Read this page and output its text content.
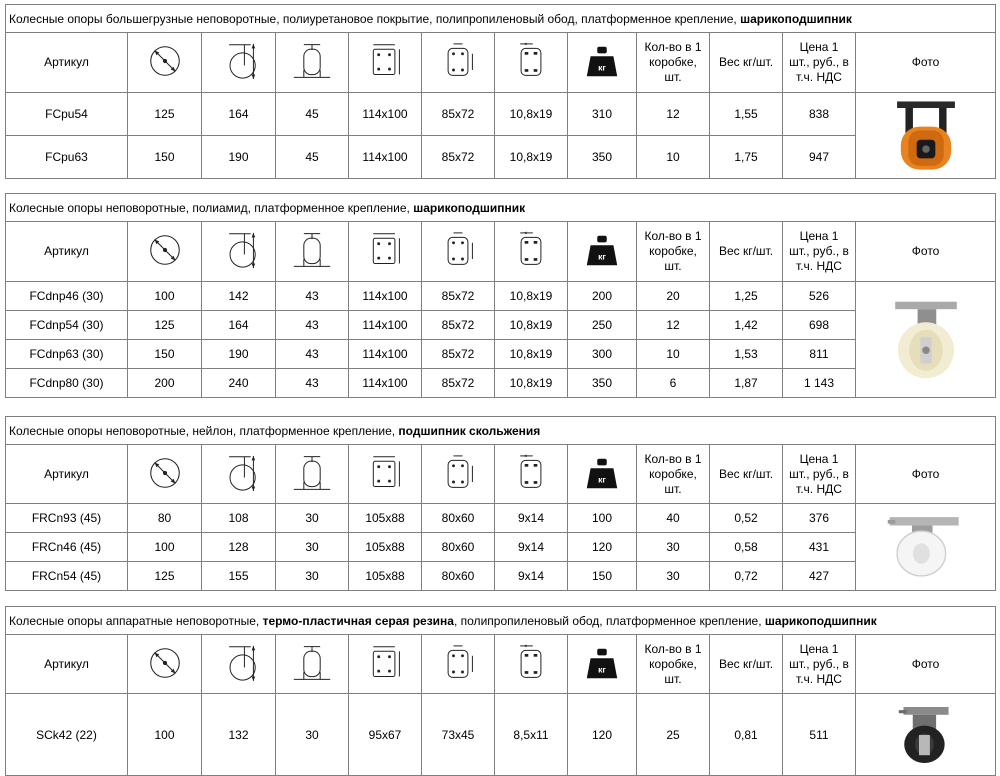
Колесные опоры большегрузные неповоротные, полиуретановое покрытие, полипропиленовый обод, платформенное крепление, шарикоподшипник											
Артикул							кг	Кол-во в 1 коробке, шт.	Вес кг/шт.	Цена 1 шт., руб., в т.ч. НДС	Фото
FCpu54	125	164	45	114x100	85x72	10,8x19	310	12	1,55	838	

FCpu63	150	190	45	114x100	85x72	10,8x19	350	10	1,75	947	
Колесные опоры неповоротные, полиамид, платформенное крепление, шарикоподшипник											
Артикул							кг	Кол-во в 1 коробке, шт.	Вес кг/шт.	Цена 1 шт., руб., в т.ч. НДС	Фото
FCdnp46 (30)	100	142	43	114x100	85x72	10,8x19	200	20	1,25	526	

FCdnp54 (30)	125	164	43	114x100	85x72	10,8x19	250	12	1,42	698	
FCdnp63 (30)	150	190	43	114x100	85x72	10,8x19	300	10	1,53	811	
FCdnp80 (30)	200	240	43	114x100	85x72	10,8x19	350	6	1,87	1 143	
Колесные опоры неповоротные, нейлон, платформенное крепление, подшипник скольжения											
Артикул							кг	Кол-во в 1 коробке, шт.	Вес кг/шт.	Цена 1 шт., руб., в т.ч. НДС	Фото
FRCn93 (45)	80	108	30	105x88	80x60	9x14	100	40	0,52	376	

FRCn46 (45)	100	128	30	105x88	80x60	9x14	120	30	0,58	431	
FRCn54 (45)	125	155	30	105x88	80x60	9x14	150	30	0,72	427	
Колесные опоры аппаратные неповоротные, термо-пластичная серая резина, полипропиленовый обод, платформенное крепление, шарикоподшипник											
Артикул							кг	Кол-во в 1 коробке, шт.	Вес кг/шт.	Цена 1 шт., руб., в т.ч. НДС	Фото
SCk42 (22)	100	132	30	95x67	73x45	8,5x11	120	25	0,81	511	
